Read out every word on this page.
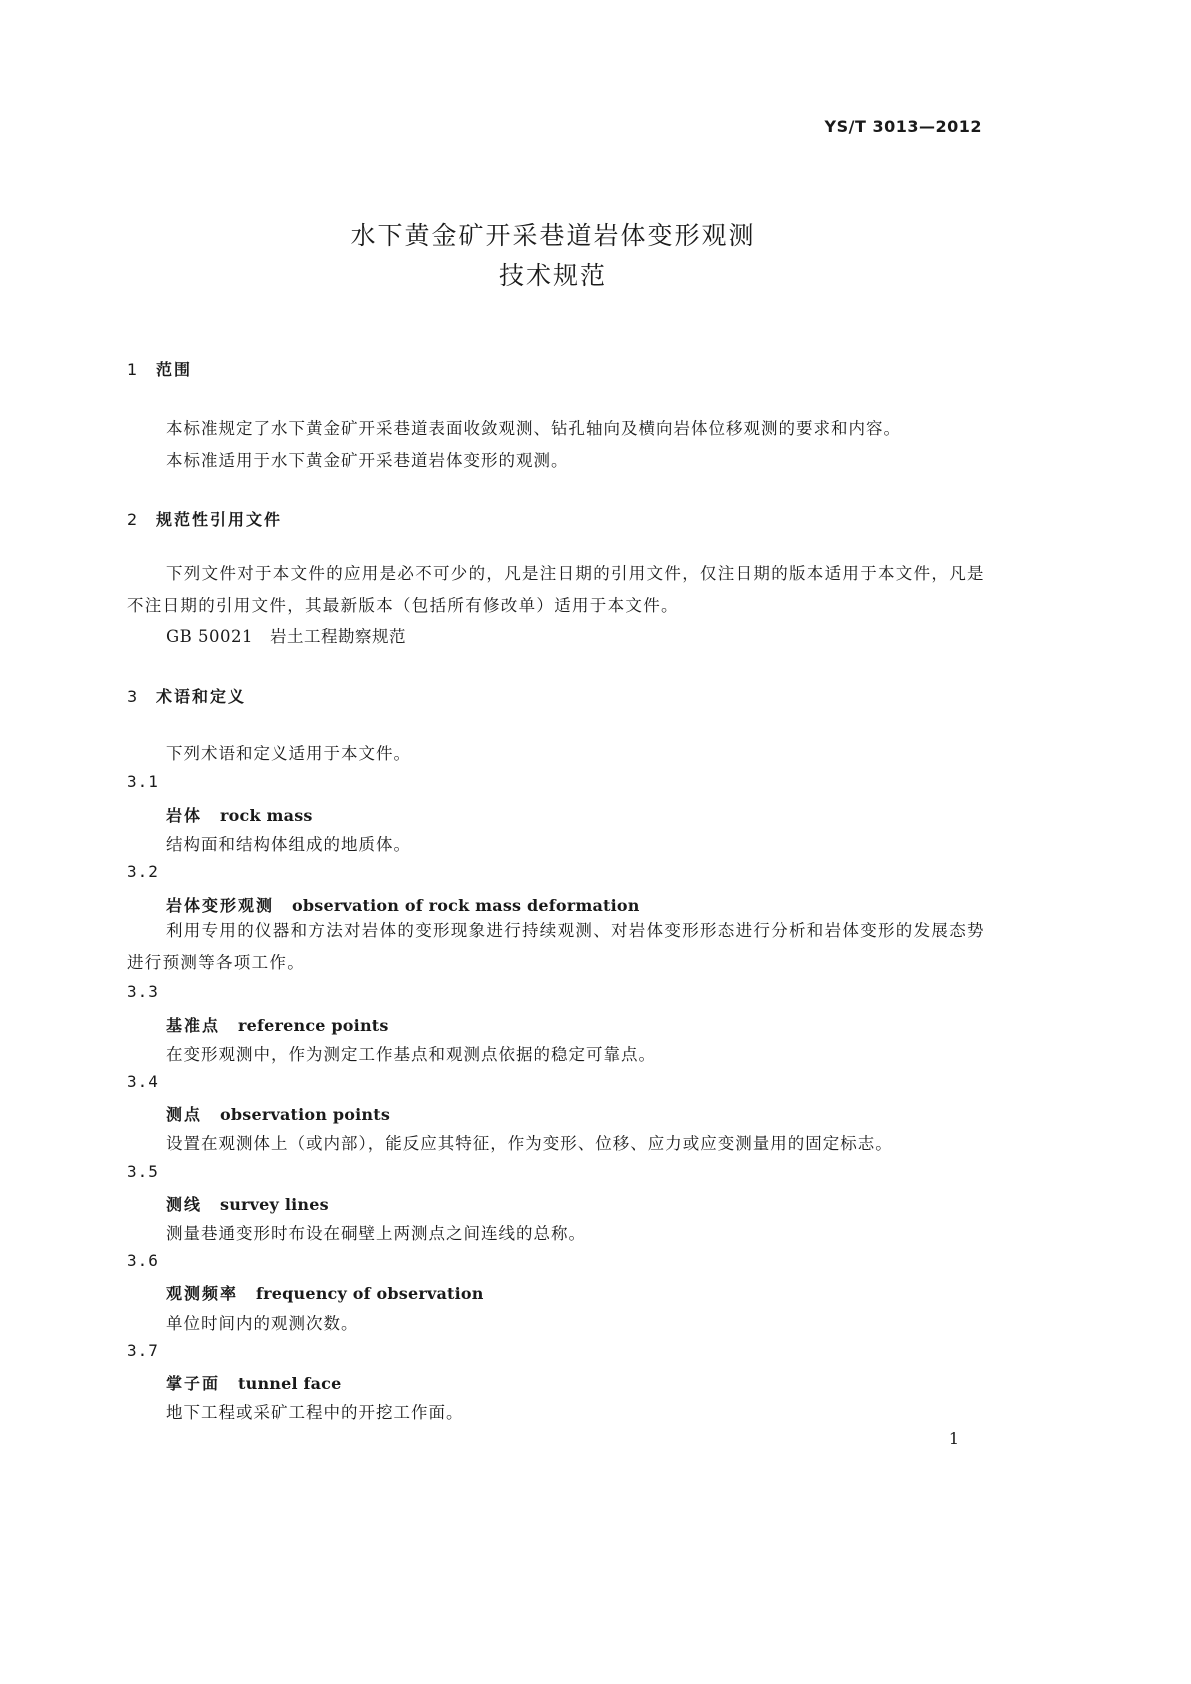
YS/T 3013—2012
水下黄金矿开采巷道岩体变形观测
技术规范
1 范围
本标准规定了水下黄金矿开采巷道表面收敛观测、钻孔轴向及横向岩体位移观测的要求和内容。
本标准适用于水下黄金矿开采巷道岩体变形的观测。
2 规范性引用文件
下列文件对于本文件的应用是必不可少的，凡是注日期的引用文件，仅注日期的版本适用于本文件，凡是不注日期的引用文件，其最新版本（包括所有修改单）适用于本文件。
GB 50021 岩土工程勘察规范
3 术语和定义
下列术语和定义适用于本文件。
3.1
岩体 rock mass
结构面和结构体组成的地质体。
3.2
岩体变形观测 observation of rock mass deformation
利用专用的仪器和方法对岩体的变形现象进行持续观测、对岩体变形形态进行分析和岩体变形的发展态势进行预测等各项工作。
3.3
基准点 reference points
在变形观测中，作为测定工作基点和观测点依据的稳定可靠点。
3.4
测点 observation points
设置在观测体上（或内部），能反应其特征，作为变形、位移、应力或应变测量用的固定标志。
3.5
测线 survey lines
测量巷通变形时布设在硐壁上两测点之间连线的总称。
3.6
观测频率 frequency of observation
单位时间内的观测次数。
3.7
掌子面 tunnel face
地下工程或采矿工程中的开挖工作面。
1
